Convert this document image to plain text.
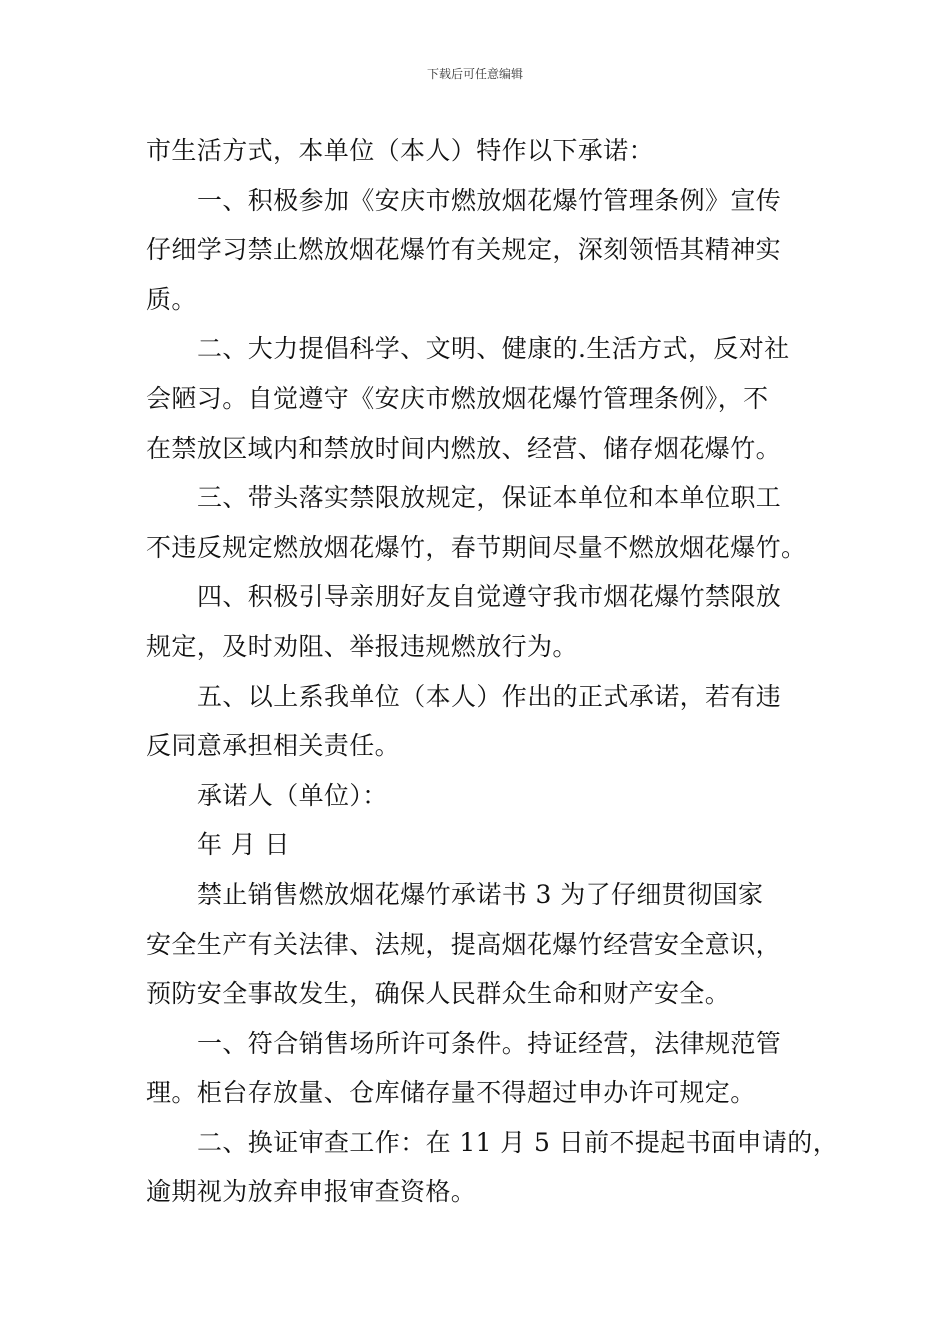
下载后可任意编辑
市生活方式，本单位（本人）特作以下承诺：
一、积极参加《安庆市燃放烟花爆竹管理条例》宣传
仔细学习禁止燃放烟花爆竹有关规定，深刻领悟其精神实
质。
二、大力提倡科学、文明、健康的.生活方式，反对社
会陋习。自觉遵守《安庆市燃放烟花爆竹管理条例》，不
在禁放区域内和禁放时间内燃放、经营、储存烟花爆竹。
三、带头落实禁限放规定，保证本单位和本单位职工
不违反规定燃放烟花爆竹，春节期间尽量不燃放烟花爆竹。
四、积极引导亲朋好友自觉遵守我市烟花爆竹禁限放
规定，及时劝阻、举报违规燃放行为。
五、以上系我单位（本人）作出的正式承诺，若有违
反同意承担相关责任。
承诺人（单位）：
年 月 日
禁止销售燃放烟花爆竹承诺书 3 为了仔细贯彻国家
安全生产有关法律、法规，提高烟花爆竹经营安全意识，
预防安全事故发生，确保人民群众生命和财产安全。
一、符合销售场所许可条件。持证经营，法律规范管
理。柜台存放量、仓库储存量不得超过申办许可规定。
二、换证审查工作：在 11 月 5 日前不提起书面申请的，
逾期视为放弃申报审查资格。
